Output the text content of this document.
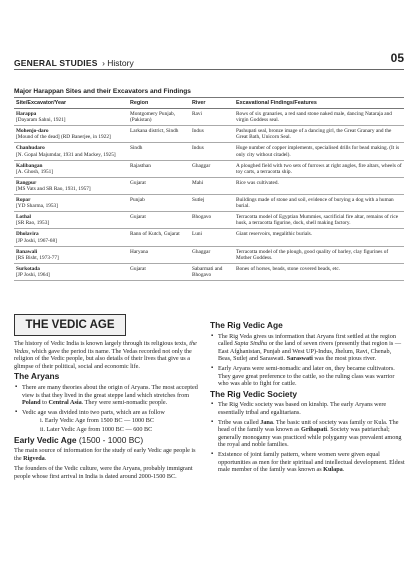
GENERAL STUDIES › History	05
Major Harappan Sites and their Excavators and Findings
Site/Excavator/Year	Region	River	Excavational Findings/Features
Harappa
[Dayaram Sahni, 1921]	Montgomery Punjab, (Pakistan)	Ravi	Rows of six granaries, a red sand stone naked male, dancing Nataraja and virgin Goddess seal.
Mohenjo-daro
[Mound of the dead] (RD Banerjee, in 1922]	Larkana district, Sindh	Indus	Pashupati seal, bronze image of a dancing girl, the Great Granary and the Great Bath, Unicorn Seal.
Chanhudaro
[N. Gopal Majumdar, 1931 and Mackey, 1925]	Sindh	Indus	Huge number of copper implements, specialised drills for bead making. (It is only city without citadel).
Kalibangan
[A. Ghosh, 1951]	Rajasthan	Ghaggar	A ploughed field with two sets of furrows at right angles, fire altars, wheels of toy carts, a terracotta ship.
Rangpur
[MS Vats and SR Rao, 1931, 1957]	Gujarat	Mahi	Rice was cultivated.
Ropar
[YD Sharma, 1953]	Punjab	Sutlej	Buildings made of stone and soil, evidence of burying a dog with a human burial.
Lothal
[SR Rao, 1953]	Gujarat	Bhogavo	Terracotta model of Egyptian Mummies, sacrificial fire altar, remains of rice husk, a terracotta figurine, dock, shell making factory.
Dholavira
[JP Joshi, 1967-68]	Rann of Kutch, Gujarat	Luni	Giant reservoirs, megalithic burials.
Banawali
[RS Bisht, 1973-77]	Haryana	Ghaggar	Terracotta model of the plough, good quality of barley, clay figurines of Mother Goddess.
Surkotada
[JP Joshi, 1964]	Gujarat	Sabarmati and Bhogavo	Bones of horses, beads, stone covered beads, etc.
THE VEDIC AGE

The history of Vedic India is known largely through its religious texts, the Vedas, which gave the period its name. The Vedas recorded not only the religion of the Vedic people, but also details of their lives that give us a glimpse of their political, social and economic life.

The Aryans
▪ There are many theories about the origin of Aryans. The most accepted view is that they lived in the great steppe land which stretches from Poland to Central Asia. They were semi-nomadic people.
▪ Vedic age was divided into two parts, which are as follow
i. Early Vedic Age from 1500 BC — 1000 BC
ii. Later Vedic Age from 1000 BC — 600 BC
Early Vedic Age (1500 - 1000 BC)

The main source of information for the study of early Vedic age people is the Rigveda.

The founders of the Vedic culture, were the Aryans, probably immigrant people whose first arrival in India is dated around 2000-1500 BC.

The Rig Vedic Age
▪ The Rig Veda gives us information that Aryans first settled at the region called Sapta Sindhu or the land of seven rivers (presently that region is — East Afghanistan, Punjab and West UP)-Indus, Jhelum, Ravi, Chenab, Beas, Sutlej and Saraswati. Saraswati was the most pious river.
▪ Early Aryans were semi-nomadic and later on, they became cultivators. They gave great preference to the cattle, so the ruling class was warrior who was able to fight for cattle.
The Rig Vedic Society
▪ The Rig Vedic society was based on kinship. The early Aryans were essentially tribal and egalitarians.
▪ Tribe was called Jana. The basic unit of society was family or Kula. The head of the family was known as Grihapati. Society was patriarchal; generally monogamy was practiced while polygamy was prevalent among the royal and noble families.
▪ Existence of joint family pattern, where women were given equal opportunities as men for their spiritual and intellectual development. Eldest male member of the family was known as Kulapa.
